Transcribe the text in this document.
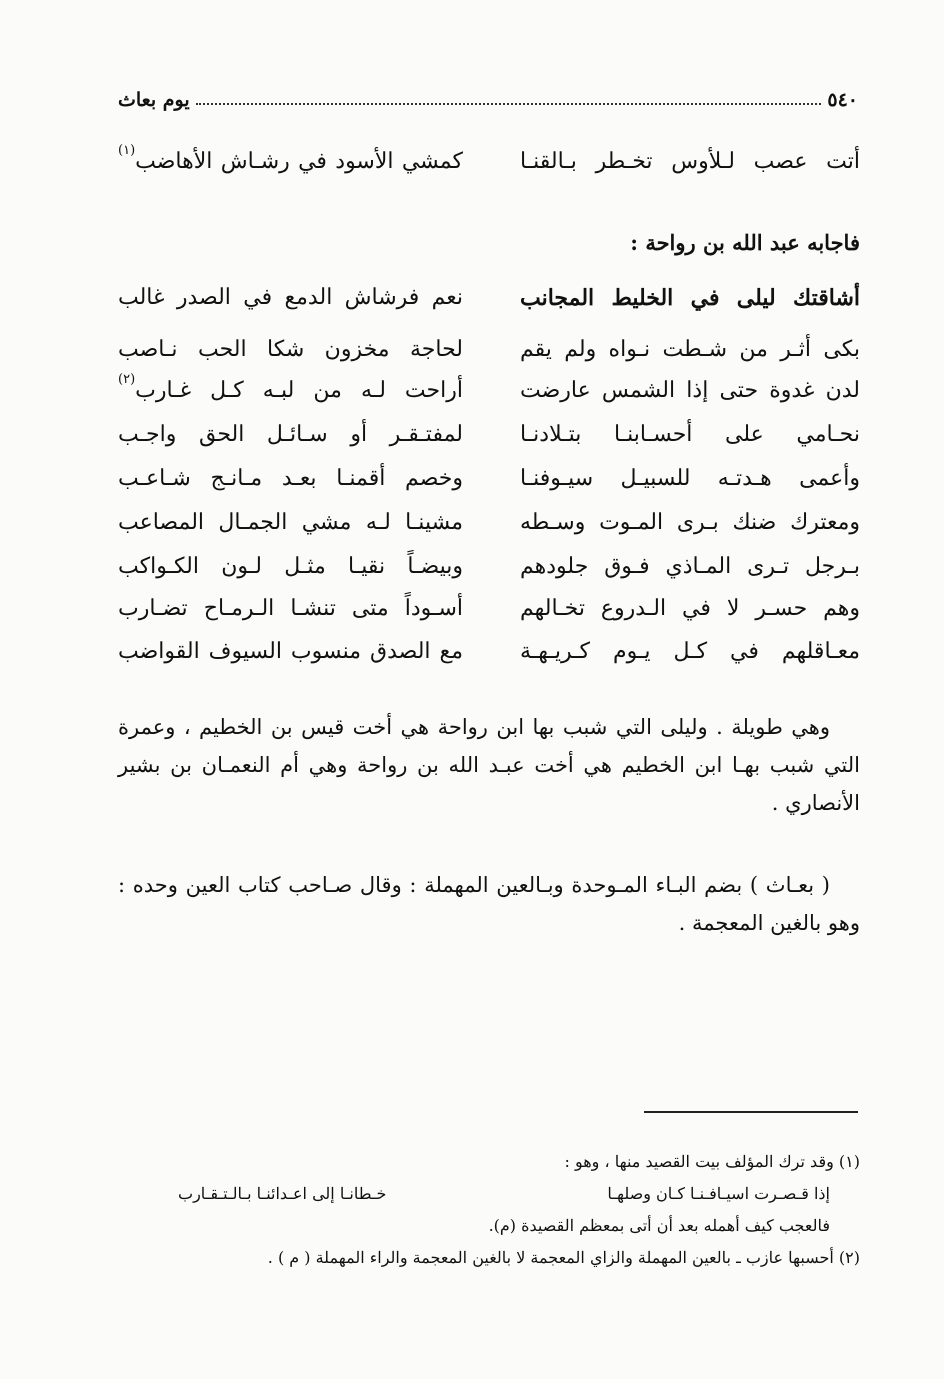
٥٤٠
يوم بعاث
أتت عصب لـلأوس تخـطر بـالقنـا
كمشي الأسود في رشـاش الأهاضب$^{(١)}$
فاجابه عبد الله بن رواحة :
أشاقتك ليلى في الخليط المجانب
نعم فرشاش الدمع في الصدر غالب
بكى أثـر من شـطت نـواه ولم يقم
لحاجة مخزون شكا الحب نـاصب
لدن غدوة حتى إذا الشمس عارضت
أراحت لـه من لبـه كـل غـارب$^{(٢)}$
نحـامي على أحسـابنـا بتـلادنـا
لمفتـقـر أو سـائـل الحق واجـب
وأعمى هـدتـه للسبيـل سيـوفنـا
وخصم أقمنـا بعـد مـانـج شـاعـب
ومعترك ضنك بـرى المـوت وسـطه
مشينـا لـه مشي الجمـال المصاعب
بـرجل تـرى المـاذي فـوق جلودهم
وبيضـاً نقيـا مثـل لـون الكـواكب
وهم حسـر لا في الـدروع تخـالهم
أسـوداً متى تنشـا الـرمـاح تضـارب
معـاقلهم في كـل يـوم كـريـهـة
مع الصدق منسوب السيوف القواضب

وهي طويلة . وليلى التي شبب بها ابن رواحة هي أخت قيس بن الخطيم ، وعمرة التي شبب بهـا ابن الخطيم هي أخت عبـد الله بن رواحة وهي أم النعمـان بن بشير الأنصاري .

( بعـاث ) بضم البـاء المـوحدة وبـالعين المهملة : وقال صـاحب كتاب العين وحده : وهو بالغين المعجمة .

(١) وقد ترك المؤلف بيت القصيد منها ، وهو :
إذا قـصـرت اسيـافـنـا كـان وصلهـا
خـطانـا إلى اعـدائنـا بـالـتـقـارب
فالعجب كيف أهمله بعد أن أتى بمعظم القصيدة (م).
(٢) أحسبها عازب ـ بالعين المهملة والزاي المعجمة لا بالغين المعجمة والراء المهملة ( م ) .
